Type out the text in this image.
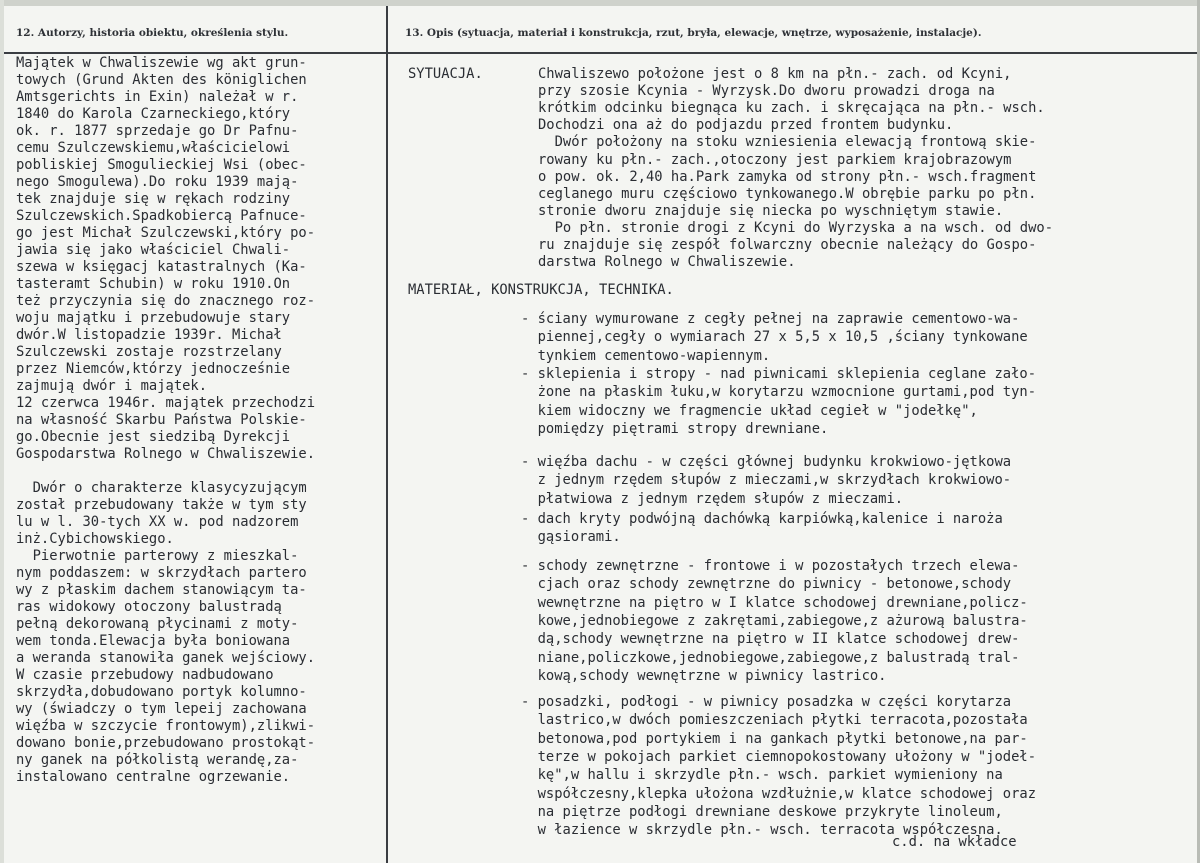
12. Autorzy, historia obiektu, określenia stylu.	13. Opis (sytuacja, materiał i konstrukcja, rzut, bryła, elewacje, wnętrze, wyposażenie, instalacje).

Majątek w Chwaliszewie wg akt grun-

towych (Grund Akten des königlichen

Amtsgerichts in Exin) należał w r.

1840 do Karola Czarneckiego,który

ok. r. 1877 sprzedaje go Dr Pafnu-

cemu Szulczewskiemu,właścicielowi

pobliskiej Smogulieckiej Wsi (obec-

nego Smogulewa).Do roku 1939 mają-

tek znajduje się w rękach rodziny

Szulczewskich.Spadkobiercą Pafnuce-

go jest Michał Szulczewski,który po-

jawia się jako właściciel Chwali-

szewa w księgacj katastralnych (Ka-

tasteramt Schubin) w roku 1910.On

też przyczynia się do znacznego roz-

woju majątku i przebudowuje stary

dwór.W listopadzie 1939r. Michał

Szulczewski zostaje rozstrzelany

przez Niemców,którzy jednocześnie

zajmują dwór i majątek.

12 czerwca 1946r. majątek przechodzi

na własność Skarbu Państwa Polskie-

go.Obecnie jest siedzibą Dyrekcji

Gospodarstwa Rolnego w Chwaliszewie.

Dwór o charakterze klasycyzującym

został przebudowany także w tym sty

lu w l. 30-tych XX w. pod nadzorem

inż.Cybichowskiego.

Pierwotnie parterowy z mieszkal-

nym poddaszem: w skrzydłach partero

wy z płaskim dachem stanowiącym ta-

ras widokowy otoczony balustradą

pełną dekorowaną płycinami z moty-

wem tonda.Elewacja była boniowana

a weranda stanowiła ganek wejściowy.

W czasie przebudowy nadbudowano

skrzydła,dobudowano portyk kolumno-

wy (świadczy o tym lepeij zachowana

więźba w szczycie frontowym),zlikwi-

dowano bonie,przebudowano prostokąt-

ny ganek na półkolistą werandę,za-

instalowano centralne ogrzewanie.

SYTUACJA.	Chwaliszewo położone jest o 8 km na płn.- zach. od Kcyni,

przy szosie Kcynia - Wyrzysk.Do dworu prowadzi droga na

krótkim odcinku biegnąca ku zach. i skręcająca na płn.- wsch.

Dochodzi ona aż do podjazdu przed frontem budynku.

Dwór położony na stoku wzniesienia elewacją frontową skie-

rowany ku płn.- zach.,otoczony jest parkiem krajobrazowym

o pow. ok. 2,40 ha.Park zamyka od strony płn.- wsch.fragment

ceglanego muru częściowo tynkowanego.W obrębie parku po płn.

stronie dworu znajduje się niecka po wyschniętym stawie.

Po płn. stronie drogi z Kcyni do Wyrzyska a na wsch. od dwo-

ru znajduje się zespół folwarczny obecnie należący do Gospo-

darstwa Rolnego w Chwaliszewie.

MATERIAŁ, KONSTRUKCJA, TECHNIKA.

- ściany wymurowane z cegły pełnej na zaprawie cementowo-wa-

piennej,cegły o wymiarach 27 x 5,5 x 10,5 ,ściany tynkowane

tynkiem cementowo-wapiennym.

- sklepienia i stropy - nad piwnicami sklepienia ceglane zało-

żone na płaskim łuku,w korytarzu wzmocnione gurtami,pod tyn-

kiem widoczny we fragmencie układ cegieł w "jodełkę",

pomiędzy piętrami stropy drewniane.

- więźba dachu - w części głównej budynku krokwiowo-jętkowa

z jednym rzędem słupów z mieczami,w skrzydłach krokwiowo-

płatwiowa z jednym rzędem słupów z mieczami.

- dach kryty podwójną dachówką karpiówką,kalenice i naroża

gąsiorami.

- schody zewnętrzne - frontowe i w pozostałych trzech elewa-

cjach oraz schody zewnętrzne do piwnicy - betonowe,schody

wewnętrzne na piętro w I klatce schodowej drewniane,policz-

kowe,jednobiegowe z zakrętami,zabiegowe,z ażurową balustra-

dą,schody wewnętrzne na piętro w II klatce schodowej drew-

niane,policzkowe,jednobiegowe,zabiegowe,z balustradą tral-

kową,schody wewnętrzne w piwnicy lastrico.

- posadzki, podłogi - w piwnicy posadzka w części korytarza

lastrico,w dwóch pomieszczeniach płytki terracota,pozostała

betonowa,pod portykiem i na gankach płytki betonowe,na par-

terze w pokojach parkiet ciemnopokostowany ułożony w "jodeł-

kę",w hallu i skrzydle płn.- wsch. parkiet wymieniony na

współczesny,klepka ułożona wzdłużnie,w klatce schodowej oraz

na piętrze podłogi drewniane deskowe przykryte linoleum,

w łazience w skrzydle płn.- wsch. terracota współczesna.

c.d. na wkładce
